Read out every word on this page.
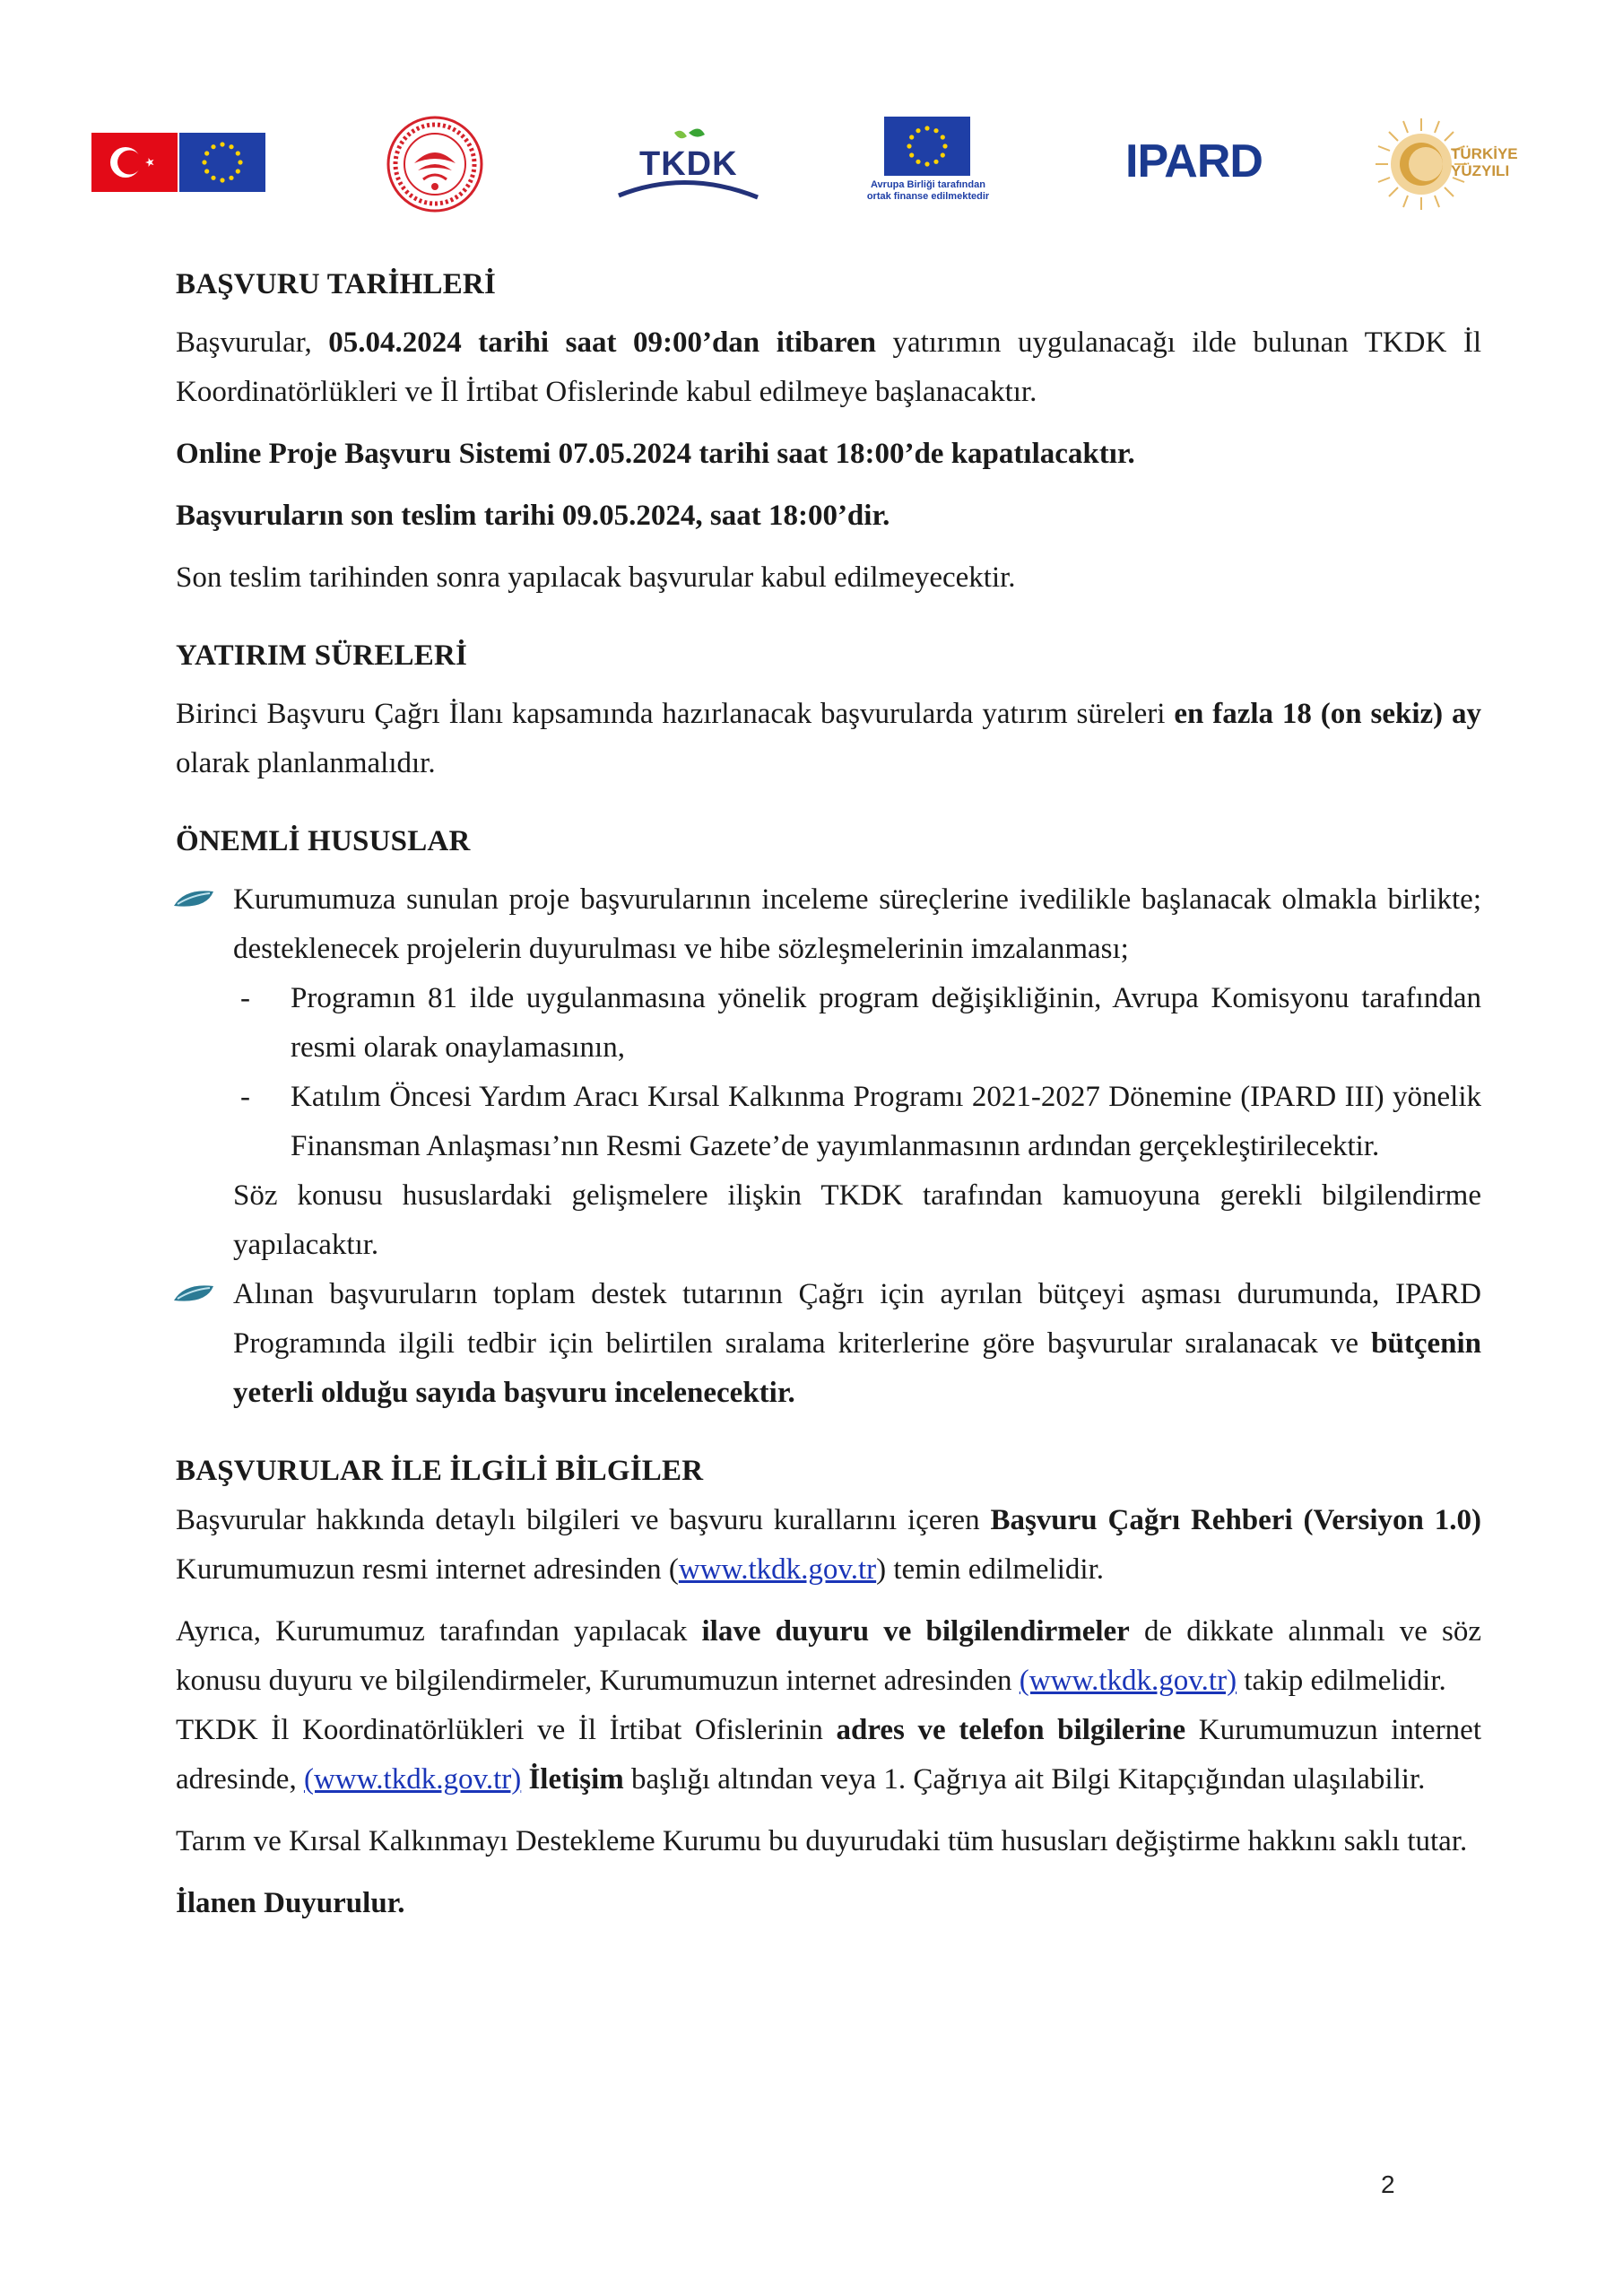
TKDK
Avrupa Birliği tarafından
ortak finanse edilmektedir
IPARD	TÜRKİYE
YÜZYILI
BAŞVURU TARİHLERİ

Başvurular, 05.04.2024 tarihi saat 09:00’dan itibaren yatırımın uygulanacağı ilde bulunan TKDK İl Koordinatörlükleri ve İl İrtibat Ofislerinde kabul edilmeye başlanacaktır.

Online Proje Başvuru Sistemi 07.05.2024 tarihi saat 18:00’de kapatılacaktır.

Başvuruların son teslim tarihi 09.05.2024, saat 18:00’dir.

Son teslim tarihinden sonra yapılacak başvurular kabul edilmeyecektir.

YATIRIM SÜRELERİ

Birinci Başvuru Çağrı İlanı kapsamında hazırlanacak başvurularda yatırım süreleri en fazla 18 (on sekiz) ay olarak planlanmalıdır.

ÖNEMLİ HUSUSLAR
Kurumumuza sunulan proje başvurularının inceleme süreçlerine ivedilikle başlanacak olmakla birlikte; desteklenecek projelerin duyurulması ve hibe sözleşmelerinin imzalanması;
- Programın 81 ilde uygulanmasına yönelik program değişikliğinin, Avrupa Komisyonu tarafından resmi olarak onaylamasının,
- Katılım Öncesi Yardım Aracı Kırsal Kalkınma Programı 2021-2027 Dönemine (IPARD III) yönelik Finansman Anlaşması’nın Resmi Gazete’de yayımlanmasının ardından gerçekleştirilecektir.
Söz konusu hususlardaki gelişmelere ilişkin TKDK tarafından kamuoyuna gerekli bilgilendirme yapılacaktır.
Alınan başvuruların toplam destek tutarının Çağrı için ayrılan bütçeyi aşması durumunda, IPARD Programında ilgili tedbir için belirtilen sıralama kriterlerine göre başvurular sıralanacak ve bütçenin yeterli olduğu sayıda başvuru incelenecektir.
BAŞVURULAR İLE İLGİLİ BİLGİLER

Başvurular hakkında detaylı bilgileri ve başvuru kurallarını içeren Başvuru Çağrı Rehberi (Versiyon 1.0) Kurumumuzun resmi internet adresinden (www.tkdk.gov.tr) temin edilmelidir.

Ayrıca, Kurumumuz tarafından yapılacak ilave duyuru ve bilgilendirmeler de dikkate alınmalı ve söz konusu duyuru ve bilgilendirmeler, Kurumumuzun internet adresinden (www.tkdk.gov.tr) takip edilmelidir.

TKDK İl Koordinatörlükleri ve İl İrtibat Ofislerinin adres ve telefon bilgilerine Kurumumuzun internet adresinde, (www.tkdk.gov.tr) İletişim başlığı altından veya 1. Çağrıya ait Bilgi Kitapçığından ulaşılabilir.

Tarım ve Kırsal Kalkınmayı Destekleme Kurumu bu duyurudaki tüm hususları değiştirme hakkını saklı tutar.

İlanen Duyurulur.

2
